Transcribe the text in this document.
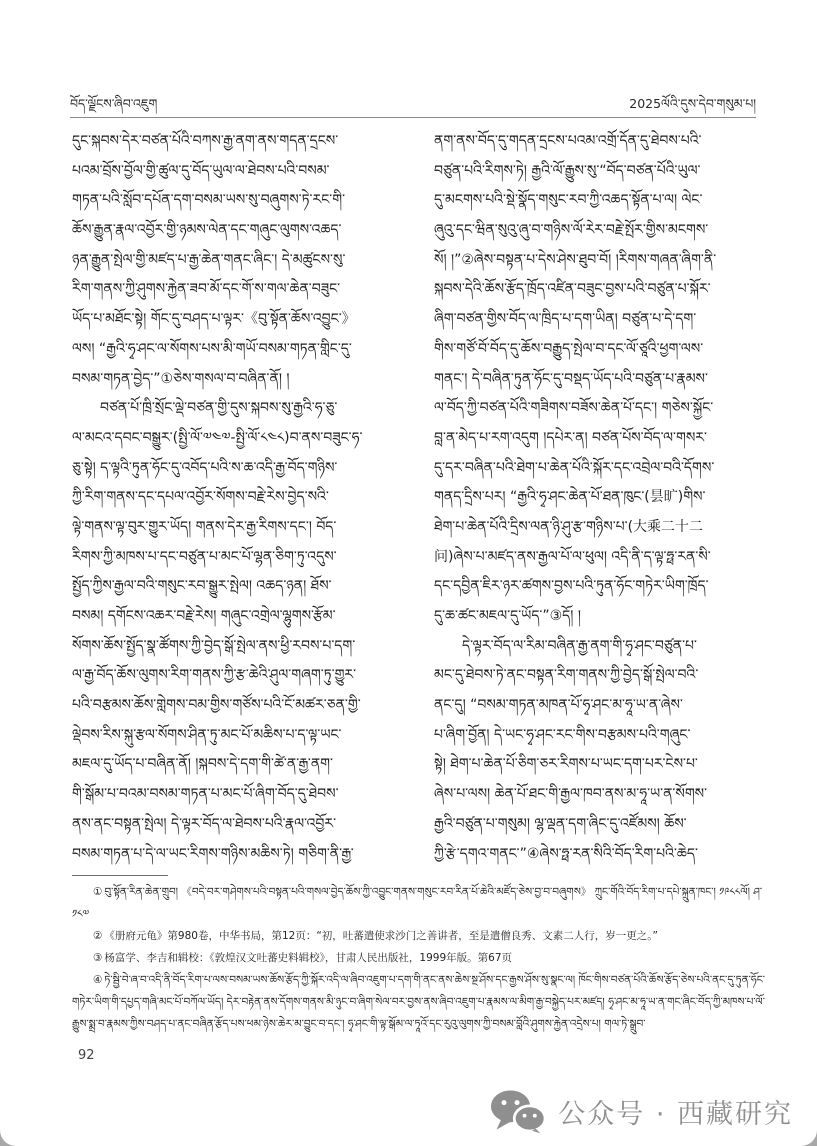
བོད་ལྗོངས་ཞིབ་འཇུག	2025ལོའི་དུས་དེབ་གསུམ་པ།
དུང་སྐབས་དེར་བཙན་པོའི་བཀས་རྒྱ་ནག་ནས་གདན་དྲངས་
པའམ་བྲོས་བྱོལ་གྱི་ཚུལ་དུ་བོད་ཡུལ་ལ་ཐེབས་པའི་བསམ་
གཏན་པའི་སློབ་དཔོན་དག་བསམ་ཡས་སུ་བཞུགས་ཏེ་རང་གི་
ཆོས་རྒྱུན་རྣལ་འབྱོར་གྱི་ཉམས་ལེན་དང་གཞུང་ལུགས་འཆད་
ཉན་རྒྱུན་སྤེལ་གྱི་མཛད་པ་རྒྱ་ཆེན་གནང་ཞིང་། དེ་མཚུངས་སུ་
རིག་གནས་ཀྱི་ཤུགས་རྐྱེན་ཟབ་མོ་དང་གོ་ས་གལ་ཆེན་བཟུང་
ཡོད་པ་མཐོང་སྟེ། གོང་དུ་བཤད་པ་ལྟར་《བུ་སྟོན་ཆོས་འབྱུང་》
ལས། “རྒྱའི་ཧྭ་ཤང་ལ་སོགས་པས་མི་གཡོ་བསམ་གཏན་གླིང་དུ་
བསམ་གཏན་བྱེད་”①ཅེས་གསལ་བ་བཞིན་ནོ། །
  བཙན་པོ་ཁྲི་སྲོང་ལྡེ་བཙན་གྱི་དུས་སྐབས་སུ་རྒྱའི་ཧ་ཅུ་
ལ་མངའ་དབང་བསྒྱུར་(སྤྱི་ལོ་༧༤༧-སྤྱི་ལོ་༨༤༨)བ་ནས་བཟུང་ཧ་
ཅུ་སྟེ། ད་ལྟའི་ཏུན་ཧོང་དུ་འབོད་པའི་ས་ཆ་འདི་རྒྱ་བོད་གཉིས་
ཀྱི་རིག་གནས་དང་དཔལ་འབྱོར་སོགས་བརྗེ་རེས་བྱེད་སའི་
ལྟེ་གནས་ལྟ་བུར་གྱུར་ཡོད། གནས་དེར་རྒྱ་རིགས་དང་། བོད་
རིགས་ཀྱི་མཁས་པ་དང་བཙུན་པ་མང་པོ་ལྷན་ཅིག་ཏུ་འདུས་
སྤྱོད་ཀྱིས་རྒྱལ་བའི་གསུང་རབ་སྒྱུར་སྤེལ། འཆད་ཉན། ཐོས་
བསམ། དགོངས་འཆར་བརྗེ་རེས། གཞུང་འགྲེལ་ལྷུགས་རྩོམ་
སོགས་ཆོས་སྤྱོད་སྣ་ཚོགས་ཀྱི་བྱེད་སྒོ་སྤེལ་ནས་ཕྱི་རབས་པ་དག་
ལ་རྒྱ་བོད་ཆོས་ལུགས་རིག་གནས་ཀྱི་རྩ་ཆེའི་ཤུལ་གཞག་ཏུ་གྱུར་
པའི་བརྩམས་ཆོས་གླེགས་བམ་གྱིས་གཙོས་པའི་ངོ་མཚར་ཅན་གྱི་
ལྡེབས་རིས་སྐུ་རྩལ་སོགས་ཤིན་ཏུ་མང་པོ་མཆིས་པ་ད་ལྟ་ཡང་
མཇལ་དུ་ཡོད་པ་བཞིན་ནོ། །སྐབས་དེ་དག་གི་ཚེ་ན་རྒྱ་ནག་
གི་སྒོམ་པ་བའམ་བསམ་གཏན་པ་མང་པོ་ཞིག་བོད་དུ་ཐེབས་
ནས་ནང་བསྟན་སྤེལ། དེ་ལྟར་བོད་ལ་ཐེབས་པའི་རྣལ་འབྱོར་
བསམ་གཏན་པ་དེ་ལ་ཡང་རིགས་གཉིས་མཆིས་ཏེ། གཅིག་ནི་རྒྱ་
ནག་ནས་བོད་དུ་གདན་དྲངས་པའམ་འགྲོ་དོན་དུ་ཐེབས་པའི་
བཙུན་པའི་རིགས་ཏེ། རྒྱའི་ལོ་རྒྱུས་སུ་“བོད་བཙན་པོའི་ཡུལ་
དུ་མངགས་པའི་སྡེ་སྣོད་གསུང་རབ་ཀྱི་འཆད་སྟོན་པ་ལ། ལེང་
ཞུའུ་དང་ཝིན་སུའུ་ཞུ་བ་གཉིས་ལོ་རེར་བརྗེ་སྤོར་གྱིས་མངགས་
སོ། །”②ཞེས་བསྟན་པ་དེས་ཤེས་ཐུབ་བོ། །རིགས་གཞན་ཞིག་ནི་
སྐབས་དེའི་ཆོས་རྩོད་ཁྲོད་འཛིན་བཟུང་བྱས་པའི་བཙུན་པ་སྐོར་
ཞིག་བཙན་གྱིས་བོད་ལ་ཁྲིད་པ་དག་ཡིན། བཙུན་པ་དེ་དག་
གིས་གཙོ་བོ་བོད་དུ་ཆོས་བརྒྱུད་སྤེལ་བ་དང་ལོ་ཙཱའི་ཕྱག་ལས་
གནང་། དེ་བཞིན་ཏུན་ཧོང་དུ་བསྡད་ཡོད་པའི་བཙུན་པ་རྣམས་
ལ་བོད་ཀྱི་བཙན་པོའི་གཟིགས་བཟོས་ཆེན་པོ་དང་། གཅེས་སྐྱོང་
བླ་ན་མེད་པ་རག་འདུག །དཔེར་ན། བཙན་པོས་བོད་ལ་གསར་
དུ་དར་བཞིན་པའི་ཐེག་པ་ཆེན་པོའི་སྐོར་དང་འབྲེལ་བའི་དོགས་
གནད་དྲིས་པར། “རྒྱའི་ཧྭ་ཤང་ཆེན་པོ་ཐན་ཁུང་(昙旷)གིས་
ཐེག་པ་ཆེན་པོའི་དྲིས་ལན་ཉི་ཤུ་རྩ་གཉིས་པ་(大乘二十二
问)ཞེས་པ་མཛད་ནས་རྒྱལ་པོ་ལ་ཕུལ། འདི་ནི་ད་ལྟ་ཧྥ་རན་སི་
དང་དབྱིན་ཇིར་ཉར་ཚགས་བྱས་པའི་ཏུན་ཧོང་གཏེར་ཡིག་ཁྲོད་
དུ་ཆ་ཚང་མཇལ་དུ་ཡོད་”③དོ། །
  དེ་ལྟར་བོད་ལ་རིམ་བཞིན་རྒྱ་ནག་གི་ཧྭ་ཤང་བཙུན་པ་
མང་དུ་ཐེབས་ཏེ་ནང་བསྟན་རིག་གནས་ཀྱི་བྱེད་སྒོ་སྤེལ་བའི་
ནང་དུ། “བསམ་གཏན་མཁན་པོ་ཧྭ་ཤང་མ་ཧཱ་ཡ་ན་ཞེས་
པ་ཞིག་བྱོན། དེ་ཡང་ཧྭ་ཤང་རང་གིས་བརྩམས་པའི་གཞུང་
སྟེ། ཐེག་པ་ཆེན་པོ་ཅིག་ཅར་རིགས་པ་ཡང་དག་པར་ངེས་པ་
ཞེས་པ་ལས། ཆེན་པོ་ཐང་གི་རྒྱལ་ཁབ་ནས་མ་ཧཱ་ཡ་ན་སོགས་
རྒྱའི་བཙུན་པ་གསུམ། ལྷ་ལྡན་དག་ཞིང་དུ་འཛོམས། ཆོས་
ཀྱི་རྩེ་དགའ་གནང་”④ཞེས་ཧྥ་རན་སིའི་བོད་རིག་པའི་ཆེད་

① བུ་སྟོན་རིན་ཆེན་གྲུབ། 《བདེ་བར་གཤེགས་པའི་བསྟན་པའི་གསལ་བྱེད་ཆོས་ཀྱི་འབྱུང་གནས་གསུང་རབ་རིན་པོ་ཆེའི་མཛོད་ཅེས་བྱ་བ་བཞུགས》 ཀྲུང་གོའི་བོད་རིག་པ་དཔེ་སྐྲུན་ཁང་། ༡༩༨༨ལོ། ཤ་༡༨༧

② 《册府元龟》第980卷，中华书局，第12页：“初，吐蕃遣使求沙门之善讲者，至是遣僧良秀、文素二人行，岁一更之。”

③ 杨富学、李吉和辑校：《敦煌汉文吐蕃史料辑校》，甘肃人民出版社，1999年版。第67页

④ ཏེ་སྦྱི་བེ་ཞ་བ་འདི་ནི་བོད་རིག་པ་ལས་བསམ་ཡས་ཆོས་རྩོད་ཀྱི་སྐོར་འདི་ལ་ཞིབ་འཇུག་པ་དག་གི་ནང་ནས་ཆེས་སྔ་ཤོས་དང་རྒྱས་ཤོས་སུ་སྣང་ལ། ཁོང་གིས་བཙན་པོའི་ཆོས་རྩོད་ཅེས་པའི་ནང་དུ་ཏུན་ཧོང་གཏེར་ཡིག་གི་དཔྱད་གཞི་མང་པོ་བཀོལ་ཡོད། དེར་བརྟེན་ནས་དོགས་གནས་མི་ཉུང་བ་ཞིག་སེལ་བར་བྱས་ནས་ཞིབ་འཇུག་པ་རྣམས་ལ་མིག་རྒྱ་བསྐྱེད་པར་མཛད། ཧྭ་ཤང་མ་ཧཱ་ཡ་ན་གང་ཞིང་བོད་ཀྱི་མཁས་པ་ལོ་རྒྱུས་སྨྲ་བ་རྣམས་ཀྱིས་བཤད་པ་ནང་བཞིན་རྩོད་པས་ཕམ་ཉེས་ཆེར་མ་བྱུང་བ་དང་། ཧྭ་ཤང་གི་ལྟ་སྒོམ་ལ་ཏཱའོ་དང་རུའུ་ལུགས་ཀྱི་བསམ་བློའི་ཤུགས་རྐྱེན་འདྲེས་པ། གལ་ཏེ་སྒྲུབ་

92
公众号 · 西藏研究
